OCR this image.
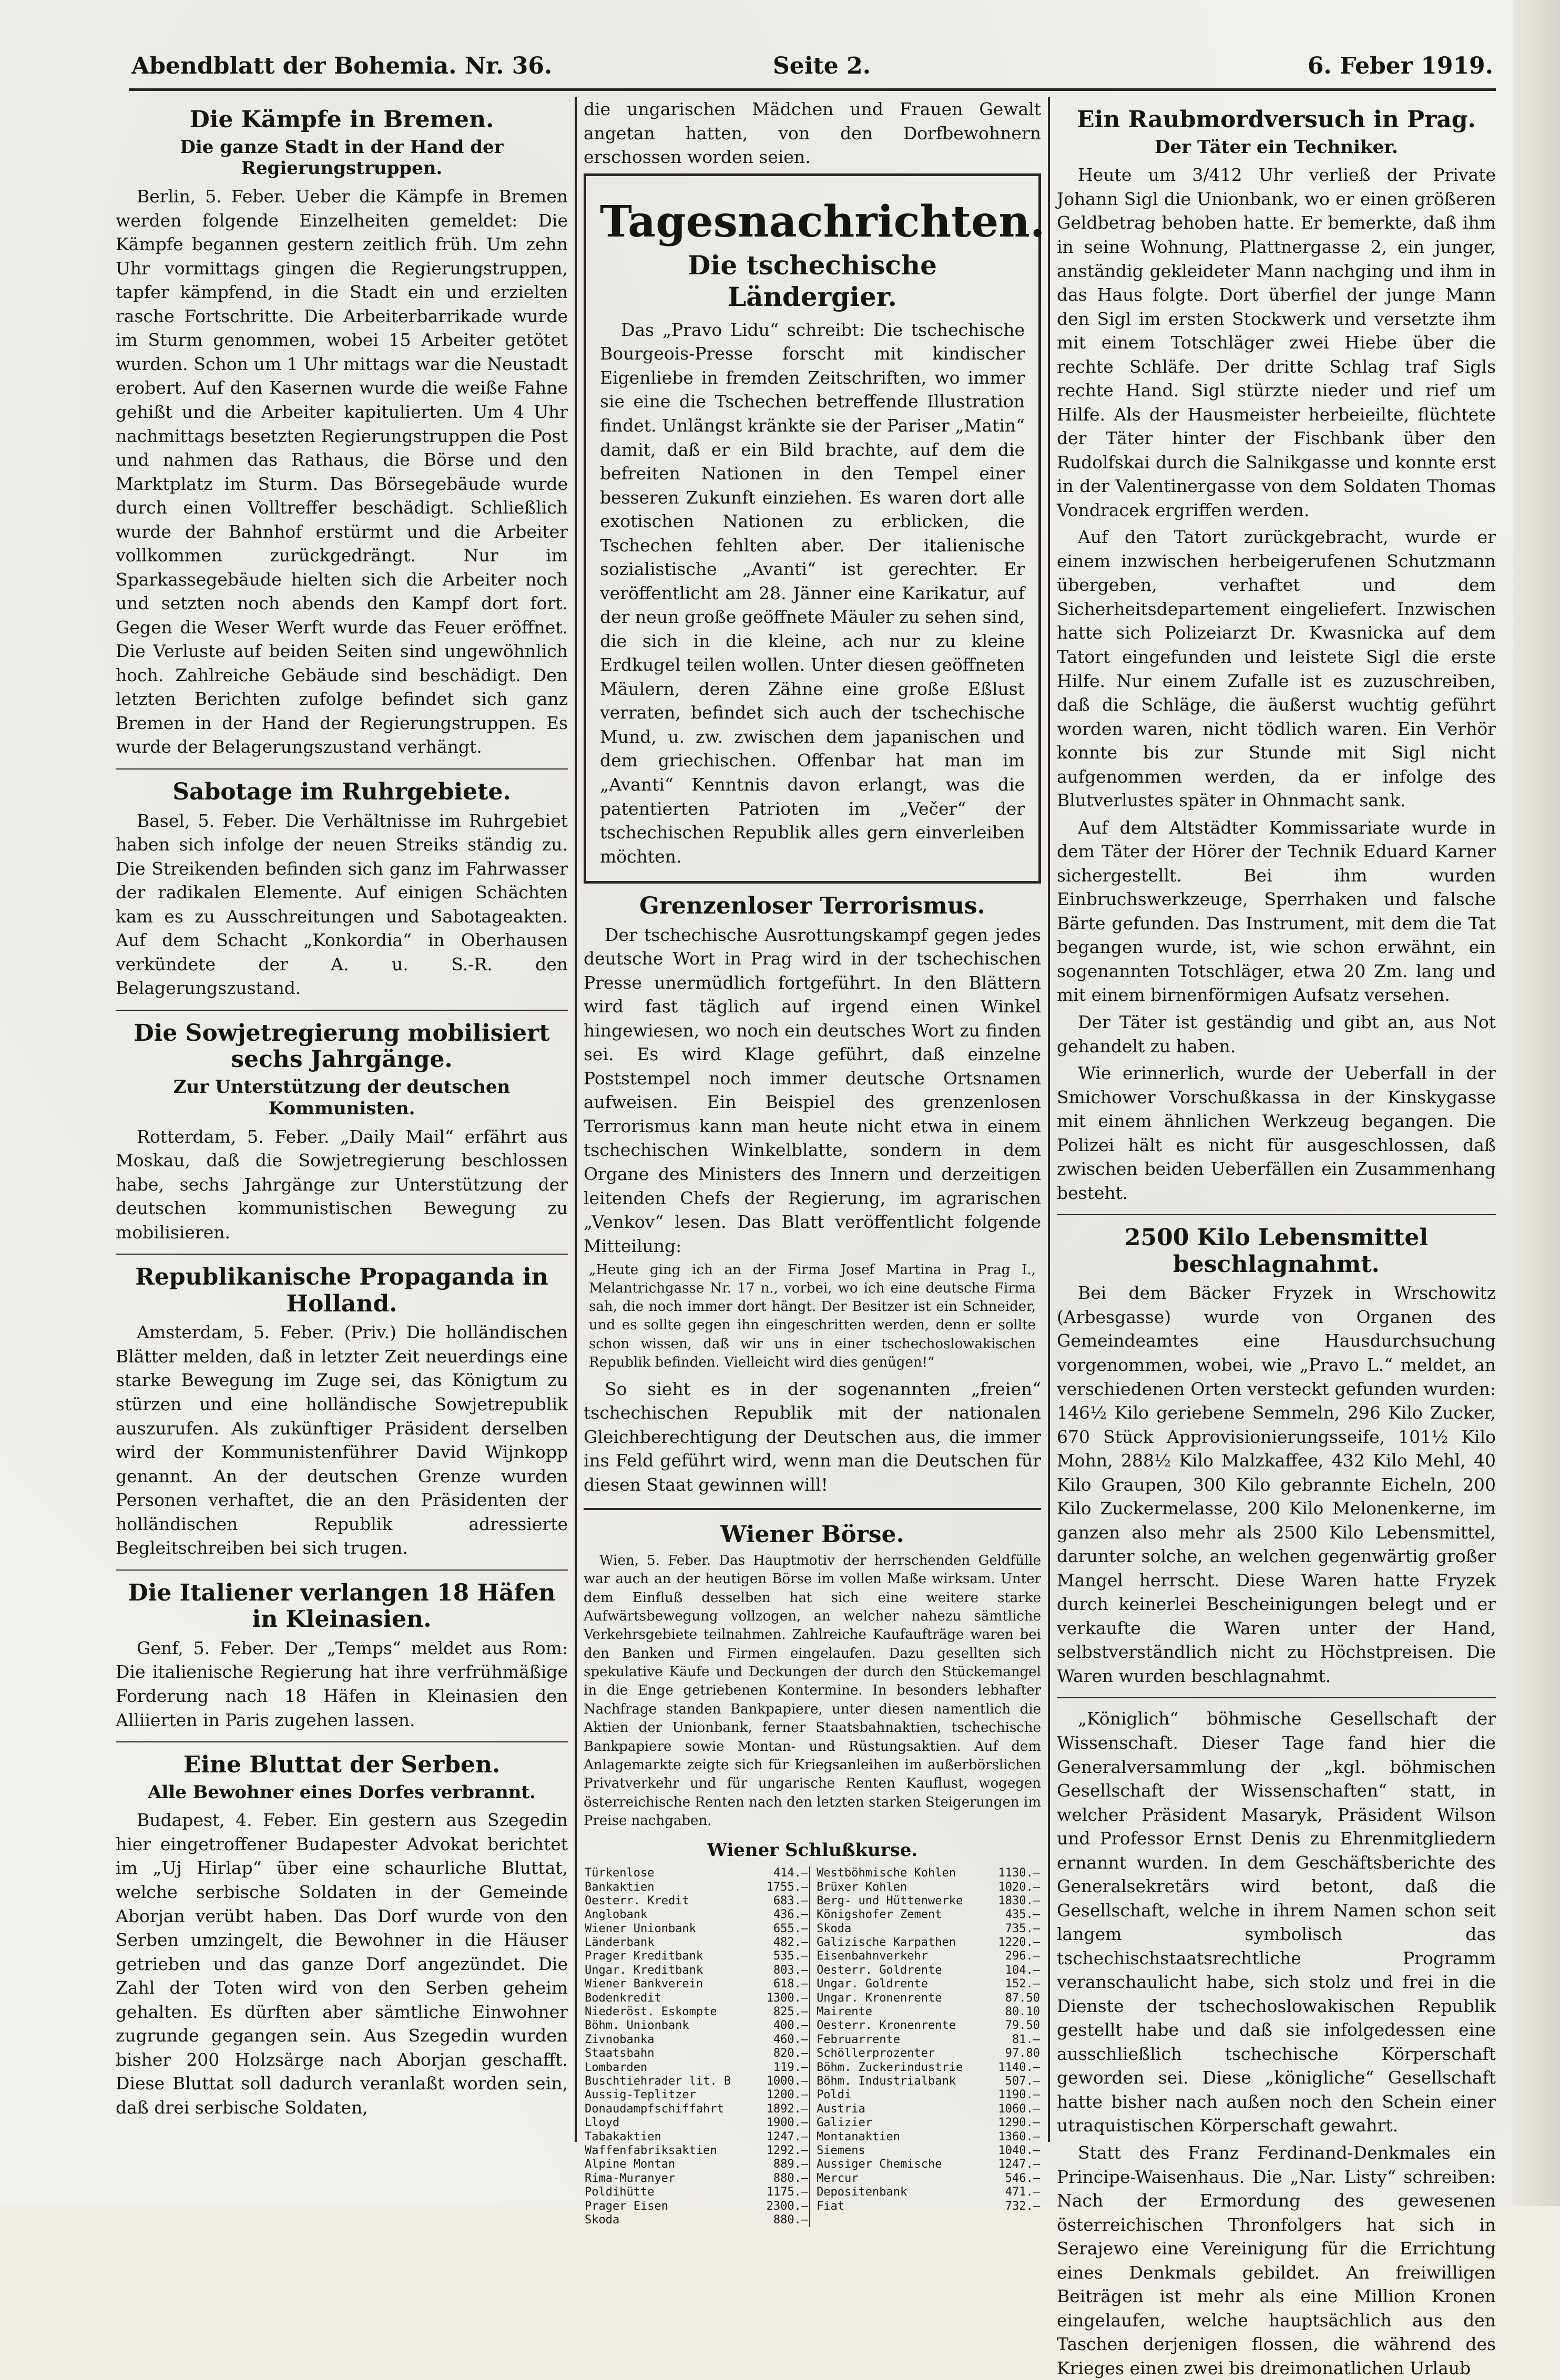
Abendblatt der Bohemia. Nr. 36.	Seite 2.	6. Feber 1919.
Die Kämpfe in Bremen.
Die ganze Stadt in der Hand der Regierungstruppen.

Berlin, 5. Feber. Ueber die Kämpfe in Bremen werden folgende Einzelheiten gemeldet: Die Kämpfe begannen gestern zeitlich früh. Um zehn Uhr vormittags gingen die Regierungstruppen, tapfer kämpfend, in die Stadt ein und erzielten rasche Fortschritte. Die Arbeiterbarrikade wurde im Sturm genommen, wobei 15 Arbeiter getötet wurden. Schon um 1 Uhr mittags war die Neustadt erobert. Auf den Kasernen wurde die weiße Fahne gehißt und die Arbeiter kapitulierten. Um 4 Uhr nachmittags besetzten Regierungstruppen die Post und nahmen das Rathaus, die Börse und den Marktplatz im Sturm. Das Börsegebäude wurde durch einen Volltreffer beschädigt. Schließlich wurde der Bahnhof erstürmt und die Arbeiter vollkommen zurückgedrängt. Nur im Sparkassegebäude hielten sich die Arbeiter noch und setzten noch abends den Kampf dort fort. Gegen die Weser Werft wurde das Feuer eröffnet. Die Verluste auf beiden Seiten sind ungewöhnlich hoch. Zahlreiche Gebäude sind beschädigt. Den letzten Berichten zufolge befindet sich ganz Bremen in der Hand der Regierungstruppen. Es wurde der Belagerungszustand verhängt.

Sabotage im Ruhrgebiete.

Basel, 5. Feber. Die Verhältnisse im Ruhrgebiet haben sich infolge der neuen Streiks ständig zu. Die Streikenden befinden sich ganz im Fahrwasser der radikalen Elemente. Auf einigen Schächten kam es zu Ausschreitungen und Sabotageakten. Auf dem Schacht „Konkordia“ in Oberhausen verkündete der A. u. S.-R. den Belagerungszustand.

Die Sowjetregierung mobilisiert sechs Jahrgänge.
Zur Unterstützung der deutschen Kommunisten.

Rotterdam, 5. Feber. „Daily Mail“ erfährt aus Moskau, daß die Sowjetregierung beschlossen habe, sechs Jahrgänge zur Unterstützung der deutschen kommunistischen Bewegung zu mobilisieren.

Republikanische Propaganda in Holland.

Amsterdam, 5. Feber. (Priv.) Die holländischen Blätter melden, daß in letzter Zeit neuerdings eine starke Bewegung im Zuge sei, das Königtum zu stürzen und eine holländische Sowjetrepublik auszurufen. Als zukünftiger Präsident derselben wird der Kommunistenführer David Wijnkopp genannt. An der deutschen Grenze wurden Personen verhaftet, die an den Präsidenten der holländischen Republik adressierte Begleitschreiben bei sich trugen.

Die Italiener verlangen 18 Häfen in Kleinasien.

Genf, 5. Feber. Der „Temps“ meldet aus Rom: Die italienische Regierung hat ihre verfrühmäßige Forderung nach 18 Häfen in Kleinasien den Alliierten in Paris zugehen lassen.

Eine Bluttat der Serben.
Alle Bewohner eines Dorfes verbrannt.

Budapest, 4. Feber. Ein gestern aus Szegedin hier eingetroffener Budapester Advokat berichtet im „Uj Hirlap“ über eine schaurliche Bluttat, welche serbische Soldaten in der Gemeinde Aborjan verübt haben. Das Dorf wurde von den Serben umzingelt, die Bewohner in die Häuser getrieben und das ganze Dorf angezündet. Die Zahl der Toten wird von den Serben geheim gehalten. Es dürften aber sämtliche Einwohner zugrunde gegangen sein. Aus Szegedin wurden bisher 200 Holzsärge nach Aborjan geschafft. Diese Bluttat soll dadurch veranlaßt worden sein, daß drei serbische Soldaten,

die ungarischen Mädchen und Frauen Gewalt angetan hatten, von den Dorfbewohnern erschossen worden seien.

Tagesnachrichten.
Die tschechische Ländergier.

Das „Pravo Lidu“ schreibt: Die tschechische Bourgeois-Presse forscht mit kindischer Eigenliebe in fremden Zeitschriften, wo immer sie eine die Tschechen betreffende Illustration findet. Unlängst kränkte sie der Pariser „Matin“ damit, daß er ein Bild brachte, auf dem die befreiten Nationen in den Tempel einer besseren Zukunft einziehen. Es waren dort alle exotischen Nationen zu erblicken, die Tschechen fehlten aber. Der italienische sozialistische „Avanti“ ist gerechter. Er veröffentlicht am 28. Jänner eine Karikatur, auf der neun große geöffnete Mäuler zu sehen sind, die sich in die kleine, ach nur zu kleine Erdkugel teilen wollen. Unter diesen geöffneten Mäulern, deren Zähne eine große Eßlust verraten, befindet sich auch der tschechische Mund, u. zw. zwischen dem japanischen und dem griechischen. Offenbar hat man im „Avanti“ Kenntnis davon erlangt, was die patentierten Patrioten im „Večer“ der tschechischen Republik alles gern einverleiben möchten.

Grenzenloser Terrorismus.

Der tschechische Ausrottungskampf gegen jedes deutsche Wort in Prag wird in der tschechischen Presse unermüdlich fortgeführt. In den Blättern wird fast täglich auf irgend einen Winkel hingewiesen, wo noch ein deutsches Wort zu finden sei. Es wird Klage geführt, daß einzelne Poststempel noch immer deutsche Ortsnamen aufweisen. Ein Beispiel des grenzenlosen Terrorismus kann man heute nicht etwa in einem tschechischen Winkelblatte, sondern in dem Organe des Ministers des Innern und derzeitigen leitenden Chefs der Regierung, im agrarischen „Venkov“ lesen. Das Blatt veröffentlicht folgende Mitteilung:

„Heute ging ich an der Firma Josef Martina in Prag I., Melantrichgasse Nr. 17 n., vorbei, wo ich eine deutsche Firma sah, die noch immer dort hängt. Der Besitzer ist ein Schneider, und es sollte gegen ihn eingeschritten werden, denn er sollte schon wissen, daß wir uns in einer tschechoslowakischen Republik befinden. Vielleicht wird dies genügen!“

So sieht es in der sogenannten „freien“ tschechischen Republik mit der nationalen Gleichberechtigung der Deutschen aus, die immer ins Feld geführt wird, wenn man die Deutschen für diesen Staat gewinnen will!

Wiener Börse.
Wien, 5. Feber. Das Hauptmotiv der herrschenden Geldfülle war auch an der heutigen Börse im vollen Maße wirksam. Unter dem Einfluß desselben hat sich eine weitere starke Aufwärtsbewegung vollzogen, an welcher nahezu sämtliche Verkehrsgebiete teilnahmen. Zahlreiche Kaufaufträge waren bei den Banken und Firmen eingelaufen. Dazu gesellten sich spekulative Käufe und Deckungen der durch den Stückemangel in die Enge getriebenen Kontermine. In besonders lebhafter Nachfrage standen Bankpapiere, unter diesen namentlich die Aktien der Unionbank, ferner Staatsbahnaktien, tschechische Bankpapiere sowie Montan- und Rüstungsaktien. Auf dem Anlagemarkte zeigte sich für Kriegsanleihen im außerbörslichen Privatverkehr und für ungarische Renten Kauflust, wogegen österreichische Renten nach den letzten starken Steigerungen im Preise nachgaben.
Wiener Schlußkurse.
Türkenlose	414.—		Westböhmische Kohlen	1130.—
Bankaktien	1755.—		Brüxer Kohlen	1020.—
Oesterr. Kredit	683.—		Berg- und Hüttenwerke	1830.—
Anglobank	436.—		Königshofer Zement	435.—
Wiener Unionbank	655.—		Skoda	735.—
Länderbank	482.—		Galizische Karpathen	1220.—
Prager Kreditbank	535.—		Eisenbahnverkehr	296.—
Ungar. Kreditbank	803.—		Oesterr. Goldrente	104.—
Wiener Bankverein	618.—		Ungar. Goldrente	152.—
Bodenkredit	1300.—		Ungar. Kronenrente	87.50
Niederöst. Eskompte	825.—		Mairente	80.10
Böhm. Unionbank	400.—		Oesterr. Kronenrente	79.50
Zivnobanka	460.—		Februarrente	81.—
Staatsbahn	820.—		Schöllerprozenter	97.80
Lombarden	119.—		Böhm. Zuckerindustrie	1140.—
Buschtiehrader lit. B	1000.—		Böhm. Industrialbank	507.—
Aussig-Teplitzer	1200.—		Poldi	1190.—
Donaudampfschiffahrt	1892.—		Austria	1060.—
Lloyd	1900.—		Galizier	1290.—
Tabakaktien	1247.—		Montanaktien	1360.—
Waffenfabriksaktien	1292.—		Siemens	1040.—
Alpine Montan	889.—		Aussiger Chemische	1247.—
Rima-Muranyer	880.—		Mercur	546.—
Poldihütte	1175.—		Depositenbank	471.—
Prager Eisen	2300.—		Fiat	732.—
Skoda	880.—			
Ein Raubmordversuch in Prag.
Der Täter ein Techniker.

Heute um 3/412 Uhr verließ der Private Johann Sigl die Unionbank, wo er einen größeren Geldbetrag behoben hatte. Er bemerkte, daß ihm in seine Wohnung, Plattnergasse 2, ein junger, anständig gekleideter Mann nachging und ihm in das Haus folgte. Dort überfiel der junge Mann den Sigl im ersten Stockwerk und versetzte ihm mit einem Totschläger zwei Hiebe über die rechte Schläfe. Der dritte Schlag traf Sigls rechte Hand. Sigl stürzte nieder und rief um Hilfe. Als der Hausmeister herbeieilte, flüchtete der Täter hinter der Fischbank über den Rudolfskai durch die Salnikgasse und konnte erst in der Valentinergasse von dem Soldaten Thomas Vondracek ergriffen werden.

Auf den Tatort zurückgebracht, wurde er einem inzwischen herbeigerufenen Schutzmann übergeben, verhaftet und dem Sicherheitsdepartement eingeliefert. Inzwischen hatte sich Polizeiarzt Dr. Kwasnicka auf dem Tatort eingefunden und leistete Sigl die erste Hilfe. Nur einem Zufalle ist es zuzuschreiben, daß die Schläge, die äußerst wuchtig geführt worden waren, nicht tödlich waren. Ein Verhör konnte bis zur Stunde mit Sigl nicht aufgenommen werden, da er infolge des Blutverlustes später in Ohnmacht sank.

Auf dem Altstädter Kommissariate wurde in dem Täter der Hörer der Technik Eduard Karner sichergestellt. Bei ihm wurden Einbruchswerkzeuge, Sperrhaken und falsche Bärte gefunden. Das Instrument, mit dem die Tat begangen wurde, ist, wie schon erwähnt, ein sogenannten Totschläger, etwa 20 Zm. lang und mit einem birnenförmigen Aufsatz versehen.

Der Täter ist geständig und gibt an, aus Not gehandelt zu haben.

Wie erinnerlich, wurde der Ueberfall in der Smichower Vorschußkassa in der Kinskygasse mit einem ähnlichen Werkzeug begangen. Die Polizei hält es nicht für ausgeschlossen, daß zwischen beiden Ueberfällen ein Zusammenhang besteht.

2500 Kilo Lebensmittel beschlagnahmt.

Bei dem Bäcker Fryzek in Wrschowitz (Arbesgasse) wurde von Organen des Gemeindeamtes eine Hausdurchsuchung vorgenommen, wobei, wie „Pravo L.“ meldet, an verschiedenen Orten versteckt gefunden wurden: 146½ Kilo geriebene Semmeln, 296 Kilo Zucker, 670 Stück Approvisionierungsseife, 101½ Kilo Mohn, 288½ Kilo Malzkaffee, 432 Kilo Mehl, 40 Kilo Graupen, 300 Kilo gebrannte Eicheln, 200 Kilo Zuckermelasse, 200 Kilo Melonenkerne, im ganzen also mehr als 2500 Kilo Lebensmittel, darunter solche, an welchen gegenwärtig großer Mangel herrscht. Diese Waren hatte Fryzek durch keinerlei Bescheinigungen belegt und er verkaufte die Waren unter der Hand, selbstverständlich nicht zu Höchstpreisen. Die Waren wurden beschlagnahmt.

„Königlich“ böhmische Gesellschaft der Wissenschaft. Dieser Tage fand hier die Generalversammlung der „kgl. böhmischen Gesellschaft der Wissenschaften“ statt, in welcher Präsident Masaryk, Präsident Wilson und Professor Ernst Denis zu Ehrenmitgliedern ernannt wurden. In dem Geschäftsberichte des Generalsekretärs wird betont, daß die Gesellschaft, welche in ihrem Namen schon seit langem symbolisch das tschechischstaatsrechtliche Programm veranschaulicht habe, sich stolz und frei in die Dienste der tschechoslowakischen Republik gestellt habe und daß sie infolgedessen eine ausschließlich tschechische Körperschaft geworden sei. Diese „königliche“ Gesellschaft hatte bisher nach außen noch den Schein einer utraquistischen Körperschaft gewahrt.

Statt des Franz Ferdinand-Denkmales ein Principe-Waisenhaus. Die „Nar. Listy“ schreiben: Nach der Ermordung des gewesenen österreichischen Thronfolgers hat sich in Serajewo eine Vereinigung für die Errichtung eines Denkmals gebildet. An freiwilligen Beiträgen ist mehr als eine Million Kronen eingelaufen, welche hauptsächlich aus den Taschen derjenigen flossen, die während des Krieges einen zwei bis dreimonatlichen Urlaub
